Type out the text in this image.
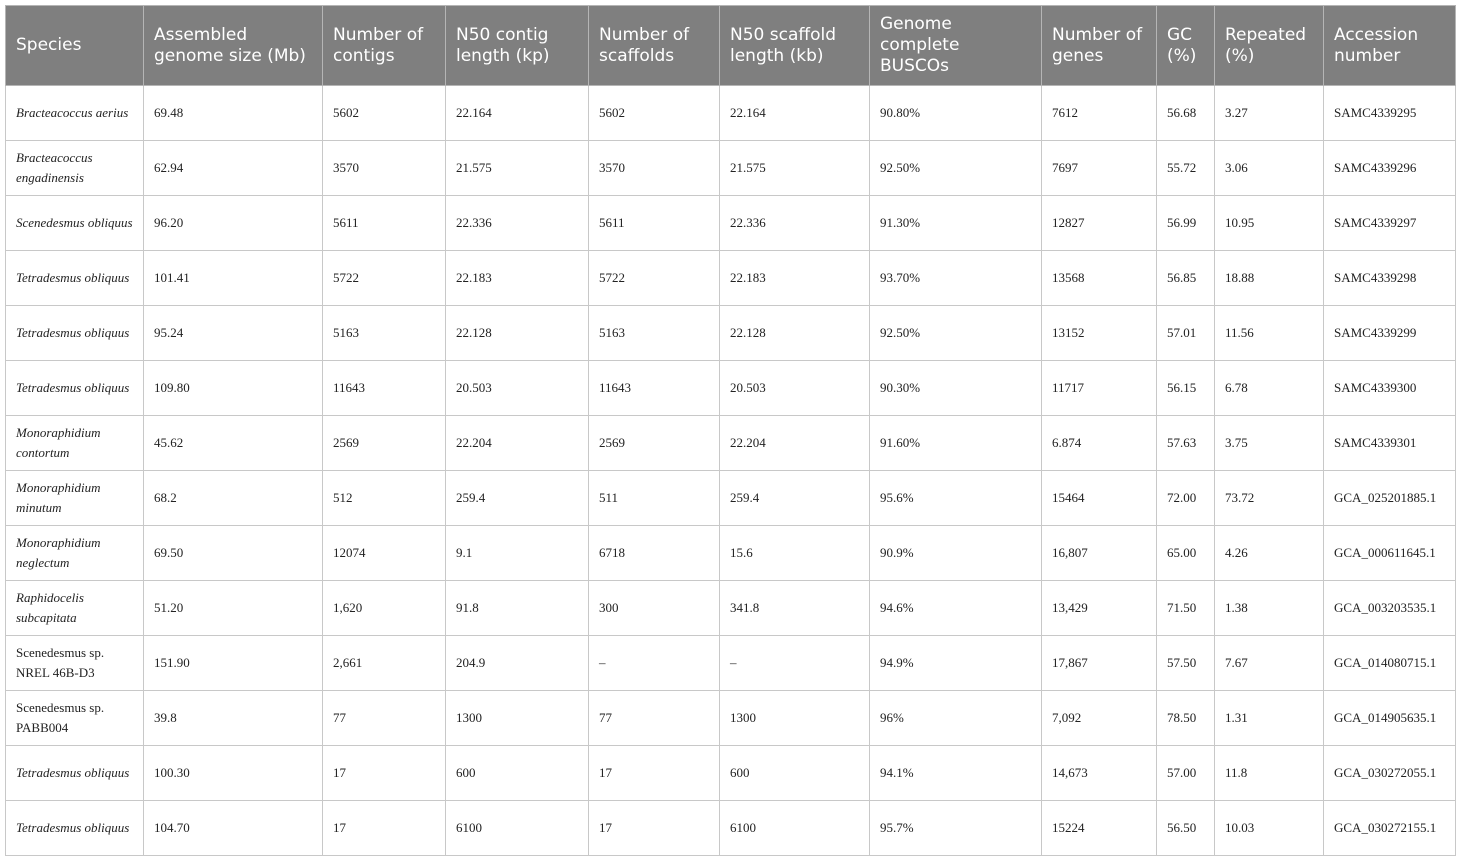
Species	Assembled genome size (Mb)	Number of contigs	N50 contig length (kp)	Number of scaffolds	N50 scaffold length (kb)	Genome complete BUSCOs	Number of genes	GC (%)	Repeated (%)	Accession number
Bracteacoccus aerius	69.48	5602	22.164	5602	22.164	90.80%	7612	56.68	3.27	SAMC4339295
Bracteacoccus engadinensis	62.94	3570	21.575	3570	21.575	92.50%	7697	55.72	3.06	SAMC4339296
Scenedesmus obliquus	96.20	5611	22.336	5611	22.336	91.30%	12827	56.99	10.95	SAMC4339297
Tetradesmus obliquus	101.41	5722	22.183	5722	22.183	93.70%	13568	56.85	18.88	SAMC4339298
Tetradesmus obliquus	95.24	5163	22.128	5163	22.128	92.50%	13152	57.01	11.56	SAMC4339299
Tetradesmus obliquus	109.80	11643	20.503	11643	20.503	90.30%	11717	56.15	6.78	SAMC4339300
Monoraphidium contortum	45.62	2569	22.204	2569	22.204	91.60%	6.874	57.63	3.75	SAMC4339301
Monoraphidium minutum	68.2	512	259.4	511	259.4	95.6%	15464	72.00	73.72	GCA_025201885.1
Monoraphidium neglectum	69.50	12074	9.1	6718	15.6	90.9%	16,807	65.00	4.26	GCA_000611645.1
Raphidocelis subcapitata	51.20	1,620	91.8	300	341.8	94.6%	13,429	71.50	1.38	GCA_003203535.1
Scenedesmus sp. NREL 46B-D3	151.90	2,661	204.9	–	–	94.9%	17,867	57.50	7.67	GCA_014080715.1
Scenedesmus sp. PABB004	39.8	77	1300	77	1300	96%	7,092	78.50	1.31	GCA_014905635.1
Tetradesmus obliquus	100.30	17	600	17	600	94.1%	14,673	57.00	11.8	GCA_030272055.1
Tetradesmus obliquus	104.70	17	6100	17	6100	95.7%	15224	56.50	10.03	GCA_030272155.1
